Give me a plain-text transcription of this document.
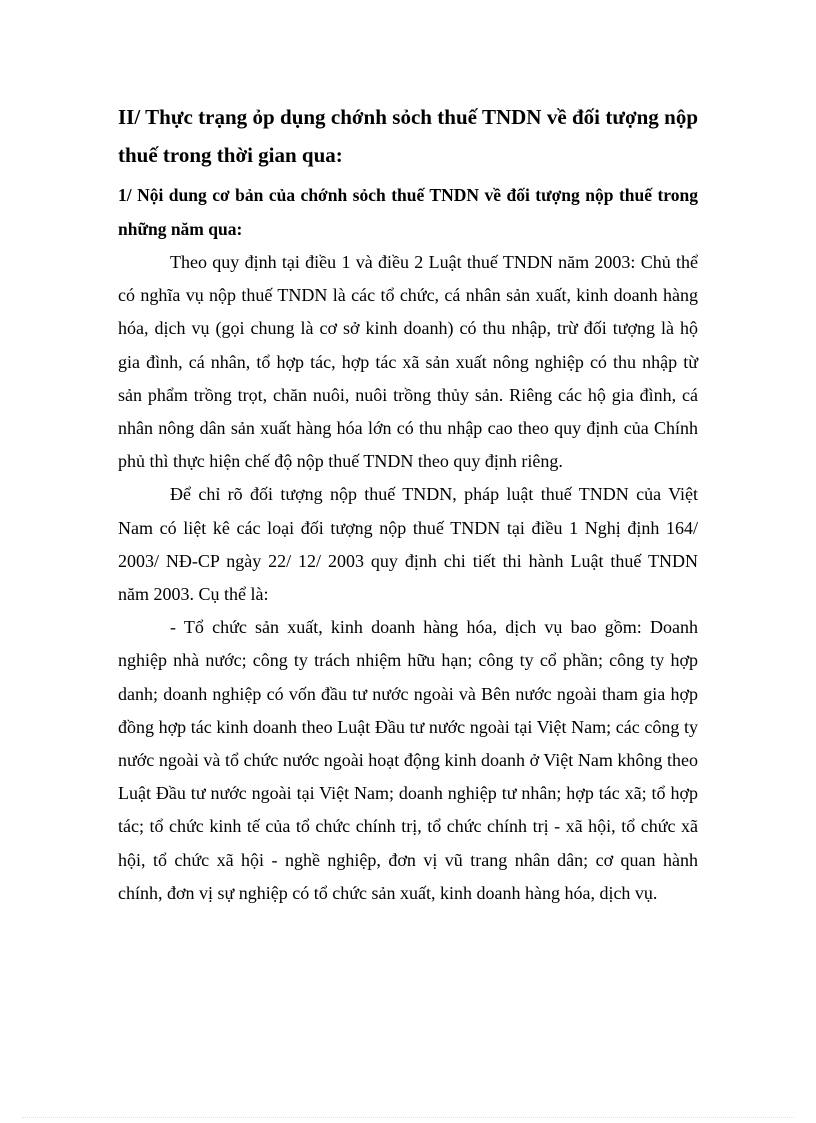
II/ Thực trạng ỏp dụng chớnh sỏch thuế TNDN về đối tượng nộp thuế trong thời gian qua:
1/ Nội dung cơ bản của chớnh sỏch thuế TNDN về đối tượng nộp thuế trong những năm qua:

Theo quy định tại điều 1 và điều 2 Luật thuế TNDN năm 2003: Chủ thể có nghĩa vụ nộp thuế TNDN là các tổ chức, cá nhân sản xuất, kinh doanh hàng hóa, dịch vụ (gọi chung là cơ sở kinh doanh) có thu nhập, trừ đối tượng là hộ gia đình, cá nhân, tổ hợp tác, hợp tác xã sản xuất nông nghiệp có thu nhập từ sản phẩm trồng trọt, chăn nuôi, nuôi trồng thủy sản. Riêng các hộ gia đình, cá nhân nông dân sản xuất hàng hóa lớn có thu nhập cao theo quy định của Chính phủ thì thực hiện chế độ nộp thuế TNDN theo quy định riêng.

Để chỉ rõ đối tượng nộp thuế TNDN, pháp luật thuế TNDN của Việt Nam có liệt kê các loại đối tượng nộp thuế TNDN tại điều 1 Nghị định 164/ 2003/ NĐ-CP ngày 22/ 12/ 2003 quy định chi tiết thi hành Luật thuế TNDN năm 2003. Cụ thể là:

- Tổ chức sản xuất, kinh doanh hàng hóa, dịch vụ bao gồm: Doanh nghiệp nhà nước; công ty trách nhiệm hữu hạn; công ty cổ phần; công ty hợp danh; doanh nghiệp có vốn đầu tư nước ngoài và Bên nước ngoài tham gia hợp đồng hợp tác kinh doanh theo Luật Đầu tư nước ngoài tại Việt Nam; các công ty nước ngoài và tổ chức nước ngoài hoạt động kinh doanh ở Việt Nam không theo Luật Đầu tư nước ngoài tại Việt Nam; doanh nghiệp tư nhân; hợp tác xã; tổ hợp tác; tổ chức kinh tế của tổ chức chính trị, tổ chức chính trị - xã hội, tổ chức xã hội, tổ chức xã hội - nghề nghiệp, đơn vị vũ trang nhân dân; cơ quan hành chính, đơn vị sự nghiệp có tổ chức sản xuất, kinh doanh hàng hóa, dịch vụ.
